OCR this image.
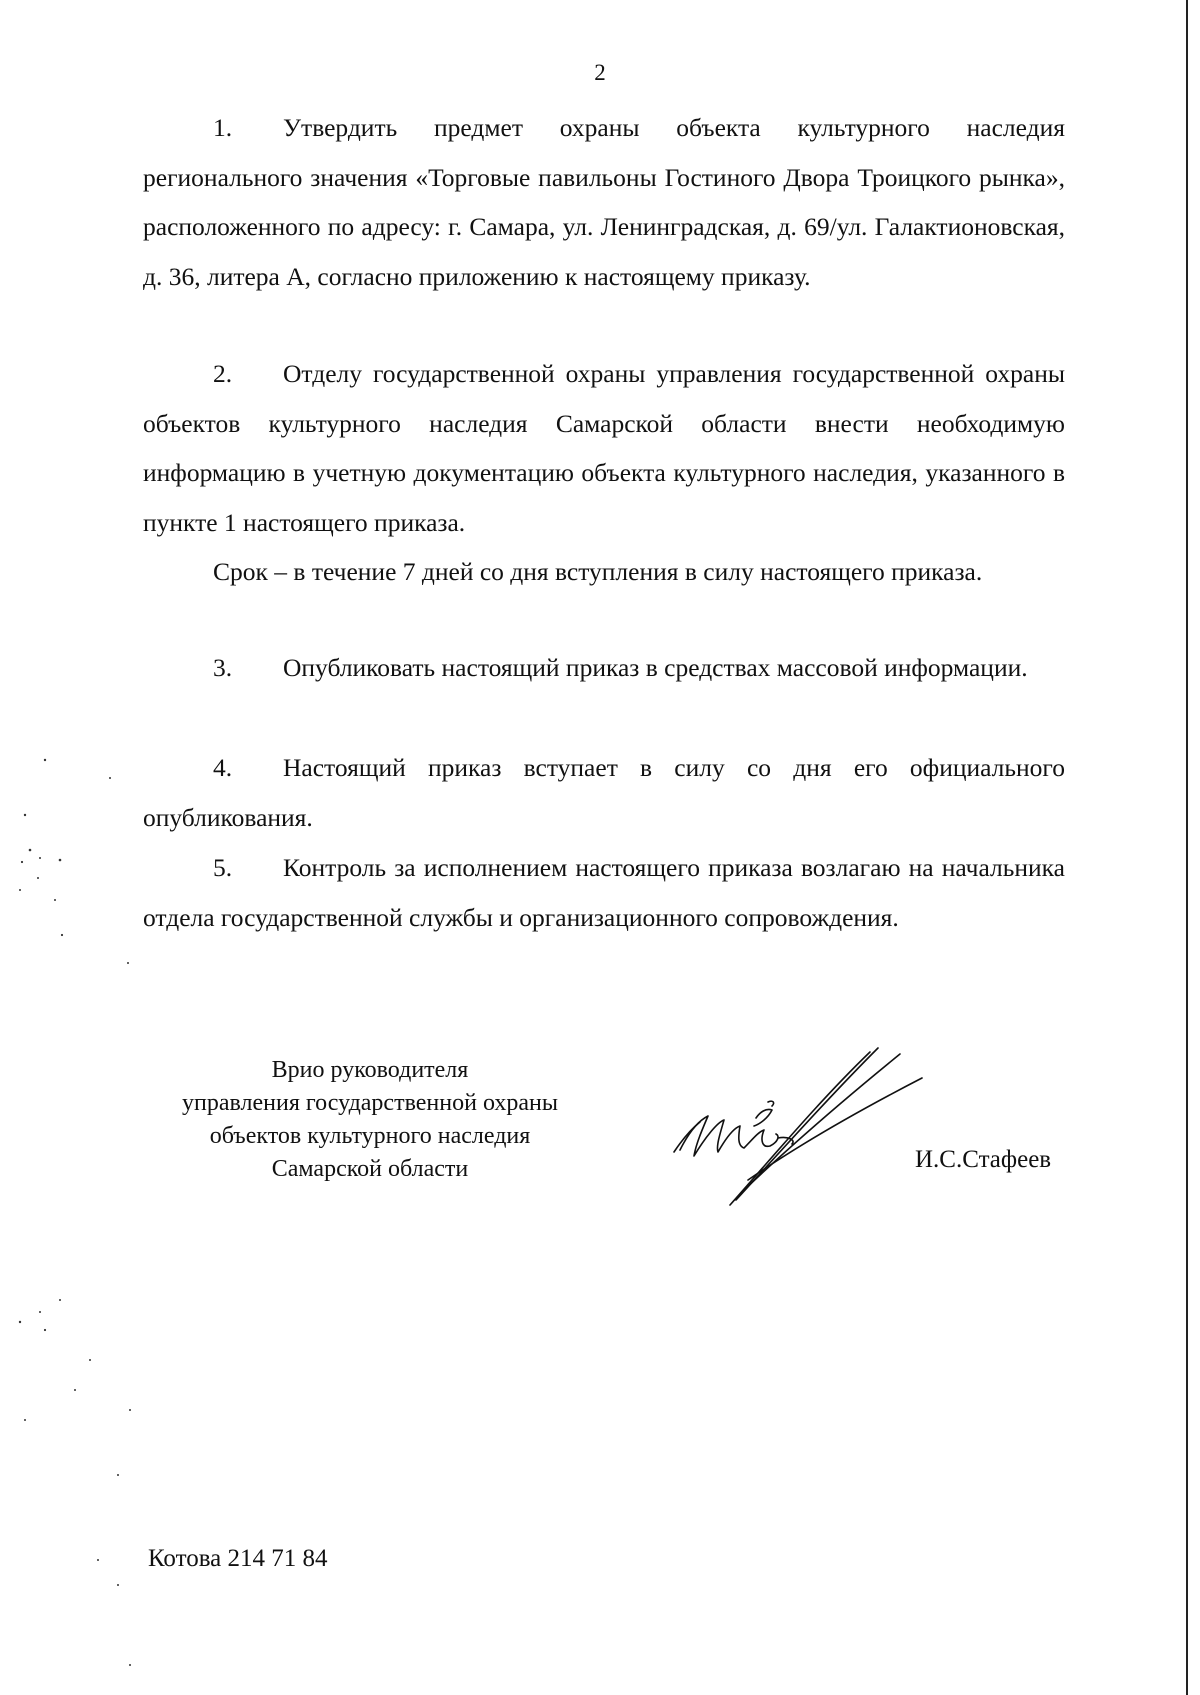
2

1. Утвердить предмет охраны объекта культурного наследия регионального значения «Торговые павильоны Гостиного Двора Троицкого рынка», расположенного по адресу: г. Самара, ул. Ленинградская, д. 69/ул. Галактионовская, д. 36, литера А, согласно приложению к настоящему приказу.

2. Отделу государственной охраны управления государственной охраны объектов культурного наследия Самарской области внести необходимую информацию в учетную документацию объекта культурного наследия, указанного в пункте 1 настоящего приказа.

Срок – в течение 7 дней со дня вступления в силу настоящего приказа.

3. Опубликовать настоящий приказ в средствах массовой информации.

4. Настоящий приказ вступает в силу со дня его официального опубликования.

5. Контроль за исполнением настоящего приказа возлагаю на начальника отдела государственной службы и организационного сопровождения.

Врио руководителя
управления государственной охраны
объектов культурного наследия
Самарской области	И.С.Стафеев
Котова 214 71 84
